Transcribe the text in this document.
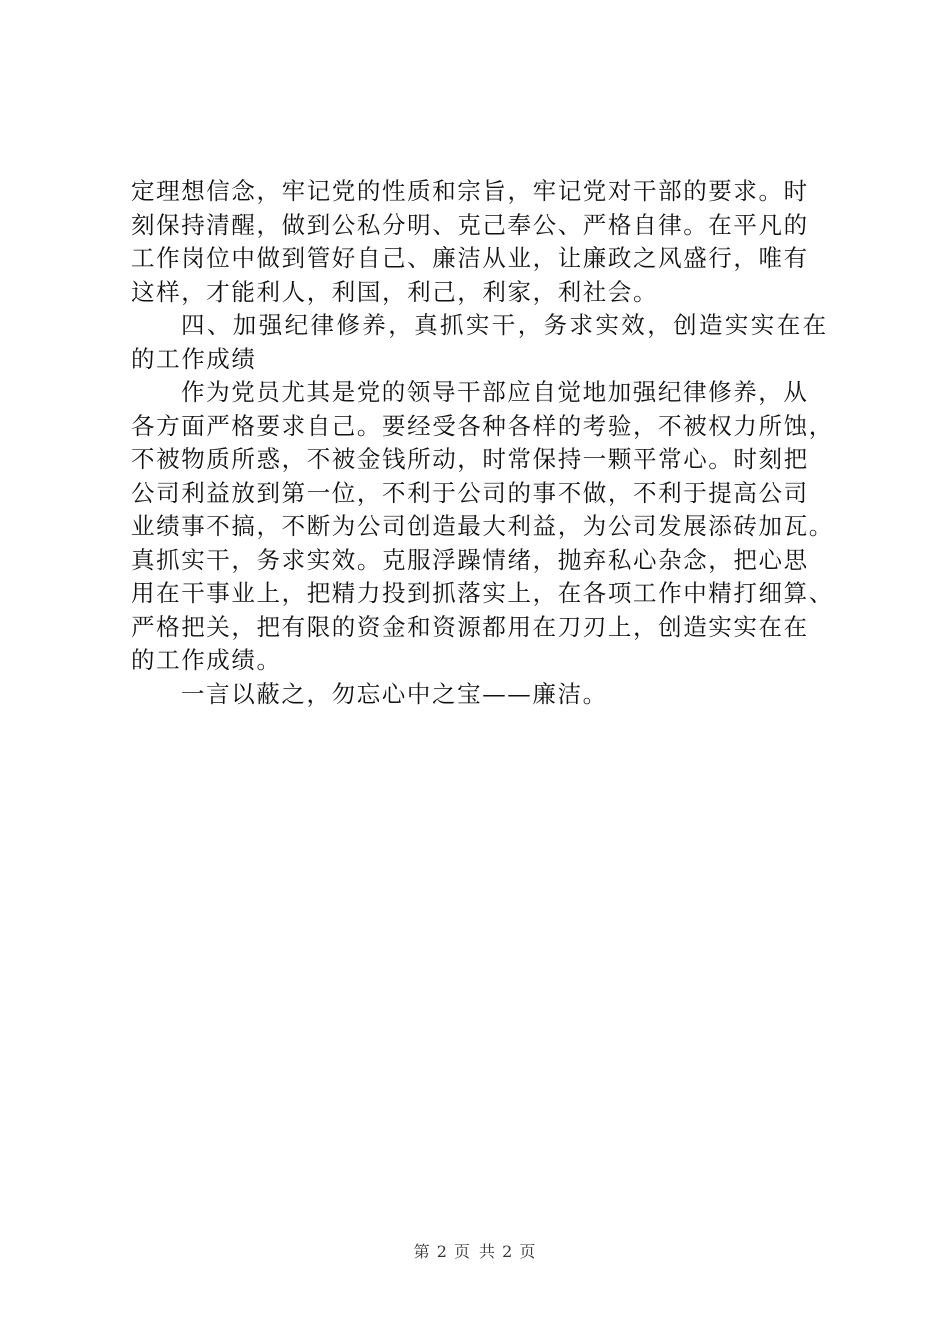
定理想信念，牢记党的性质和宗旨，牢记党对干部的要求。时
刻保持清醒，做到公私分明、克己奉公、严格自律。在平凡的
工作岗位中做到管好自己、廉洁从业，让廉政之风盛行，唯有
这样，才能利人，利国，利己，利家，利社会。
四、加强纪律修养，真抓实干，务求实效，创造实实在在
的工作成绩
作为党员尤其是党的领导干部应自觉地加强纪律修养，从
各方面严格要求自己。要经受各种各样的考验，不被权力所蚀，
不被物质所惑，不被金钱所动，时常保持一颗平常心。时刻把
公司利益放到第一位，不利于公司的事不做，不利于提高公司
业绩事不搞，不断为公司创造最大利益，为公司发展添砖加瓦。
真抓实干，务求实效。克服浮躁情绪，抛弃私心杂念，把心思
用在干事业上，把精力投到抓落实上，在各项工作中精打细算、
严格把关，把有限的资金和资源都用在刀刃上，创造实实在在
的工作成绩。
一言以蔽之，勿忘心中之宝——廉洁。
第 2 页 共 2 页
